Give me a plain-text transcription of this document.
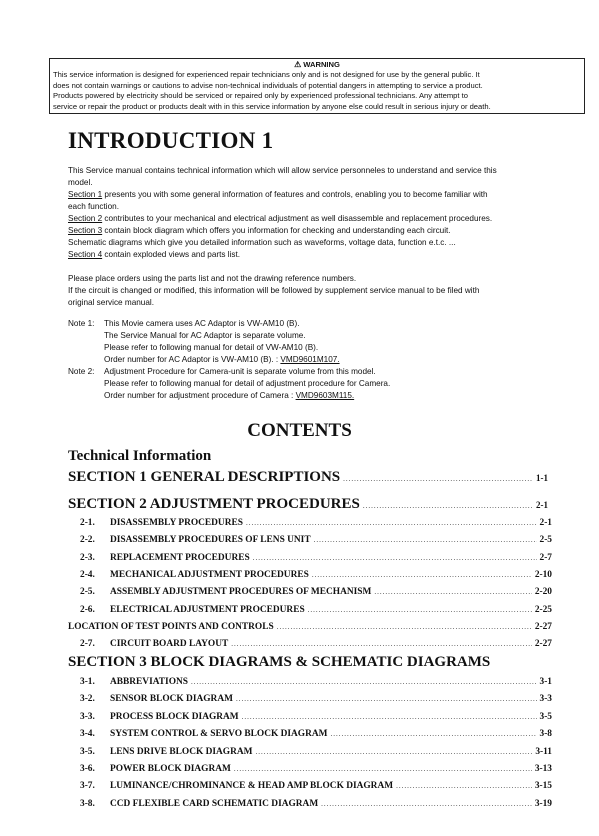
⚠ WARNING
This service information is designed for experienced repair technicians only and is not designed for use by the general public. It
does not contain warnings or cautions to advise non-technical individuals of potential dangers in attempting to service a product.
Products powered by electricity should be serviced or repaired only by experienced professional technicians. Any attempt to
service or repair the product or products dealt with in this service information by anyone else could result in serious injury or death.
INTRODUCTION 1

This Service manual contains technical information which will allow service personneles to understand and service this

model.

Section 1 presents you with some general information of features and controls, enabling you to become familiar with

each function.

Section 2 contributes to your mechanical and electrical adjustment as well disassemble and replacement procedures.

Section 3 contain block diagram which offers you information for checking and understanding each circuit.

Schematic diagrams which give you detailed information such as waveforms, voltage data, function e.t.c. ...

Section 4 contain exploded views and parts list.

Please place orders using the parts list and not the drawing reference numbers.

If the circuit is changed or modified, this information will be followed by supplement service manual to be filed with

original service manual.

Note 1:	This Movie camera uses AC Adaptor is VW-AM10 (B).
The Service Manual for AC Adaptor is separate volume.
Please refer to following manual for detail of VW-AM10 (B).
Order number for AC Adaptor is VW-AM10 (B). : VMD9601M107.
Note 2:	Adjustment Procedure for Camera-unit is separate volume from this model.
Please refer to following manual for detail of adjustment procedure for Camera.
Order number for adjustment procedure of Camera : VMD9603M115.
CONTENTS
Technical Information
SECTION 1 GENERAL DESCRIPTIONS .....	1-1
SECTION 2 ADJUSTMENT PROCEDURES .....	2-1
2-1.	DISASSEMBLY PROCEDURES .....	2-1
2-2.	DISASSEMBLY PROCEDURES OF LENS UNIT .....	2-5
2-3.	REPLACEMENT PROCEDURES .....	2-7
2-4.	MECHANICAL ADJUSTMENT PROCEDURES .....	2-10
2-5.	ASSEMBLY ADJUSTMENT PROCEDURES OF MECHANISM .....	2-20
2-6.	ELECTRICAL ADJUSTMENT PROCEDURES .....	2-25
LOCATION OF TEST POINTS AND CONTROLS .....	2-27
2-7.	CIRCUIT BOARD LAYOUT .....	2-27
SECTION 3 BLOCK DIAGRAMS & SCHEMATIC DIAGRAMS
3-1.	ABBREVIATIONS .....	3-1
3-2.	SENSOR BLOCK DIAGRAM .....	3-3
3-3.	PROCESS BLOCK DIAGRAM .....	3-5
3-4.	SYSTEM CONTROL & SERVO BLOCK DIAGRAM .....	3-8
3-5.	LENS DRIVE BLOCK DIAGRAM .....	3-11
3-6.	POWER BLOCK DIAGRAM .....	3-13
3-7.	LUMINANCE/CHROMINANCE & HEAD AMP BLOCK DIAGRAM .....	3-15
3-8.	CCD FLEXIBLE CARD SCHEMATIC DIAGRAM .....	3-19
